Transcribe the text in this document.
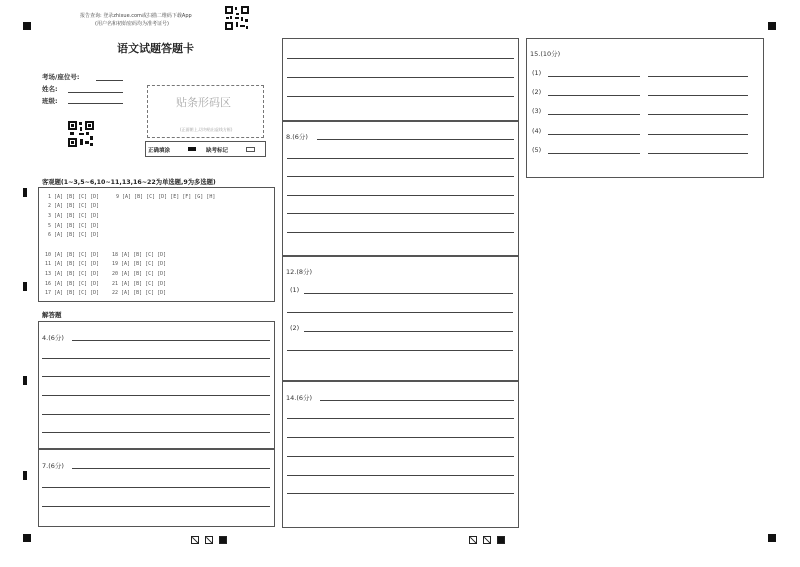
报告查询: 登录zhixue.com或扫描二维码下载App
(用户名和初始密码均为准考证号)
语文试题答题卡
考场/座位号:
姓名:
班级:	贴条形码区
(正面朝上,切勿贴出虚线方框)
正确填涂	缺考标记
客观题(1~3,5~6,10~11,13,16~22为单选题,9为多选题)
1 [A] [B] [C] [D]
2 [A] [B] [C] [D]
3 [A] [B] [C] [D]
5 [A] [B] [C] [D]
6 [A] [B] [C] [D]
9 [A] [B] [C] [D] [E] [F] [G] [H]
10 [A] [B] [C] [D]
11 [A] [B] [C] [D]
13 [A] [B] [C] [D]
16 [A] [B] [C] [D]
17 [A] [B] [C] [D]
18 [A] [B] [C] [D]
19 [A] [B] [C] [D]
20 [A] [B] [C] [D]
21 [A] [B] [C] [D]
22 [A] [B] [C] [D]
解答题
4.(6分)
7.(6分)
8.(6分)
12.(8分)
(1)
(2)
14.(6分)
15.(10分)
(1)
(2)
(3)
(4)
(5)
